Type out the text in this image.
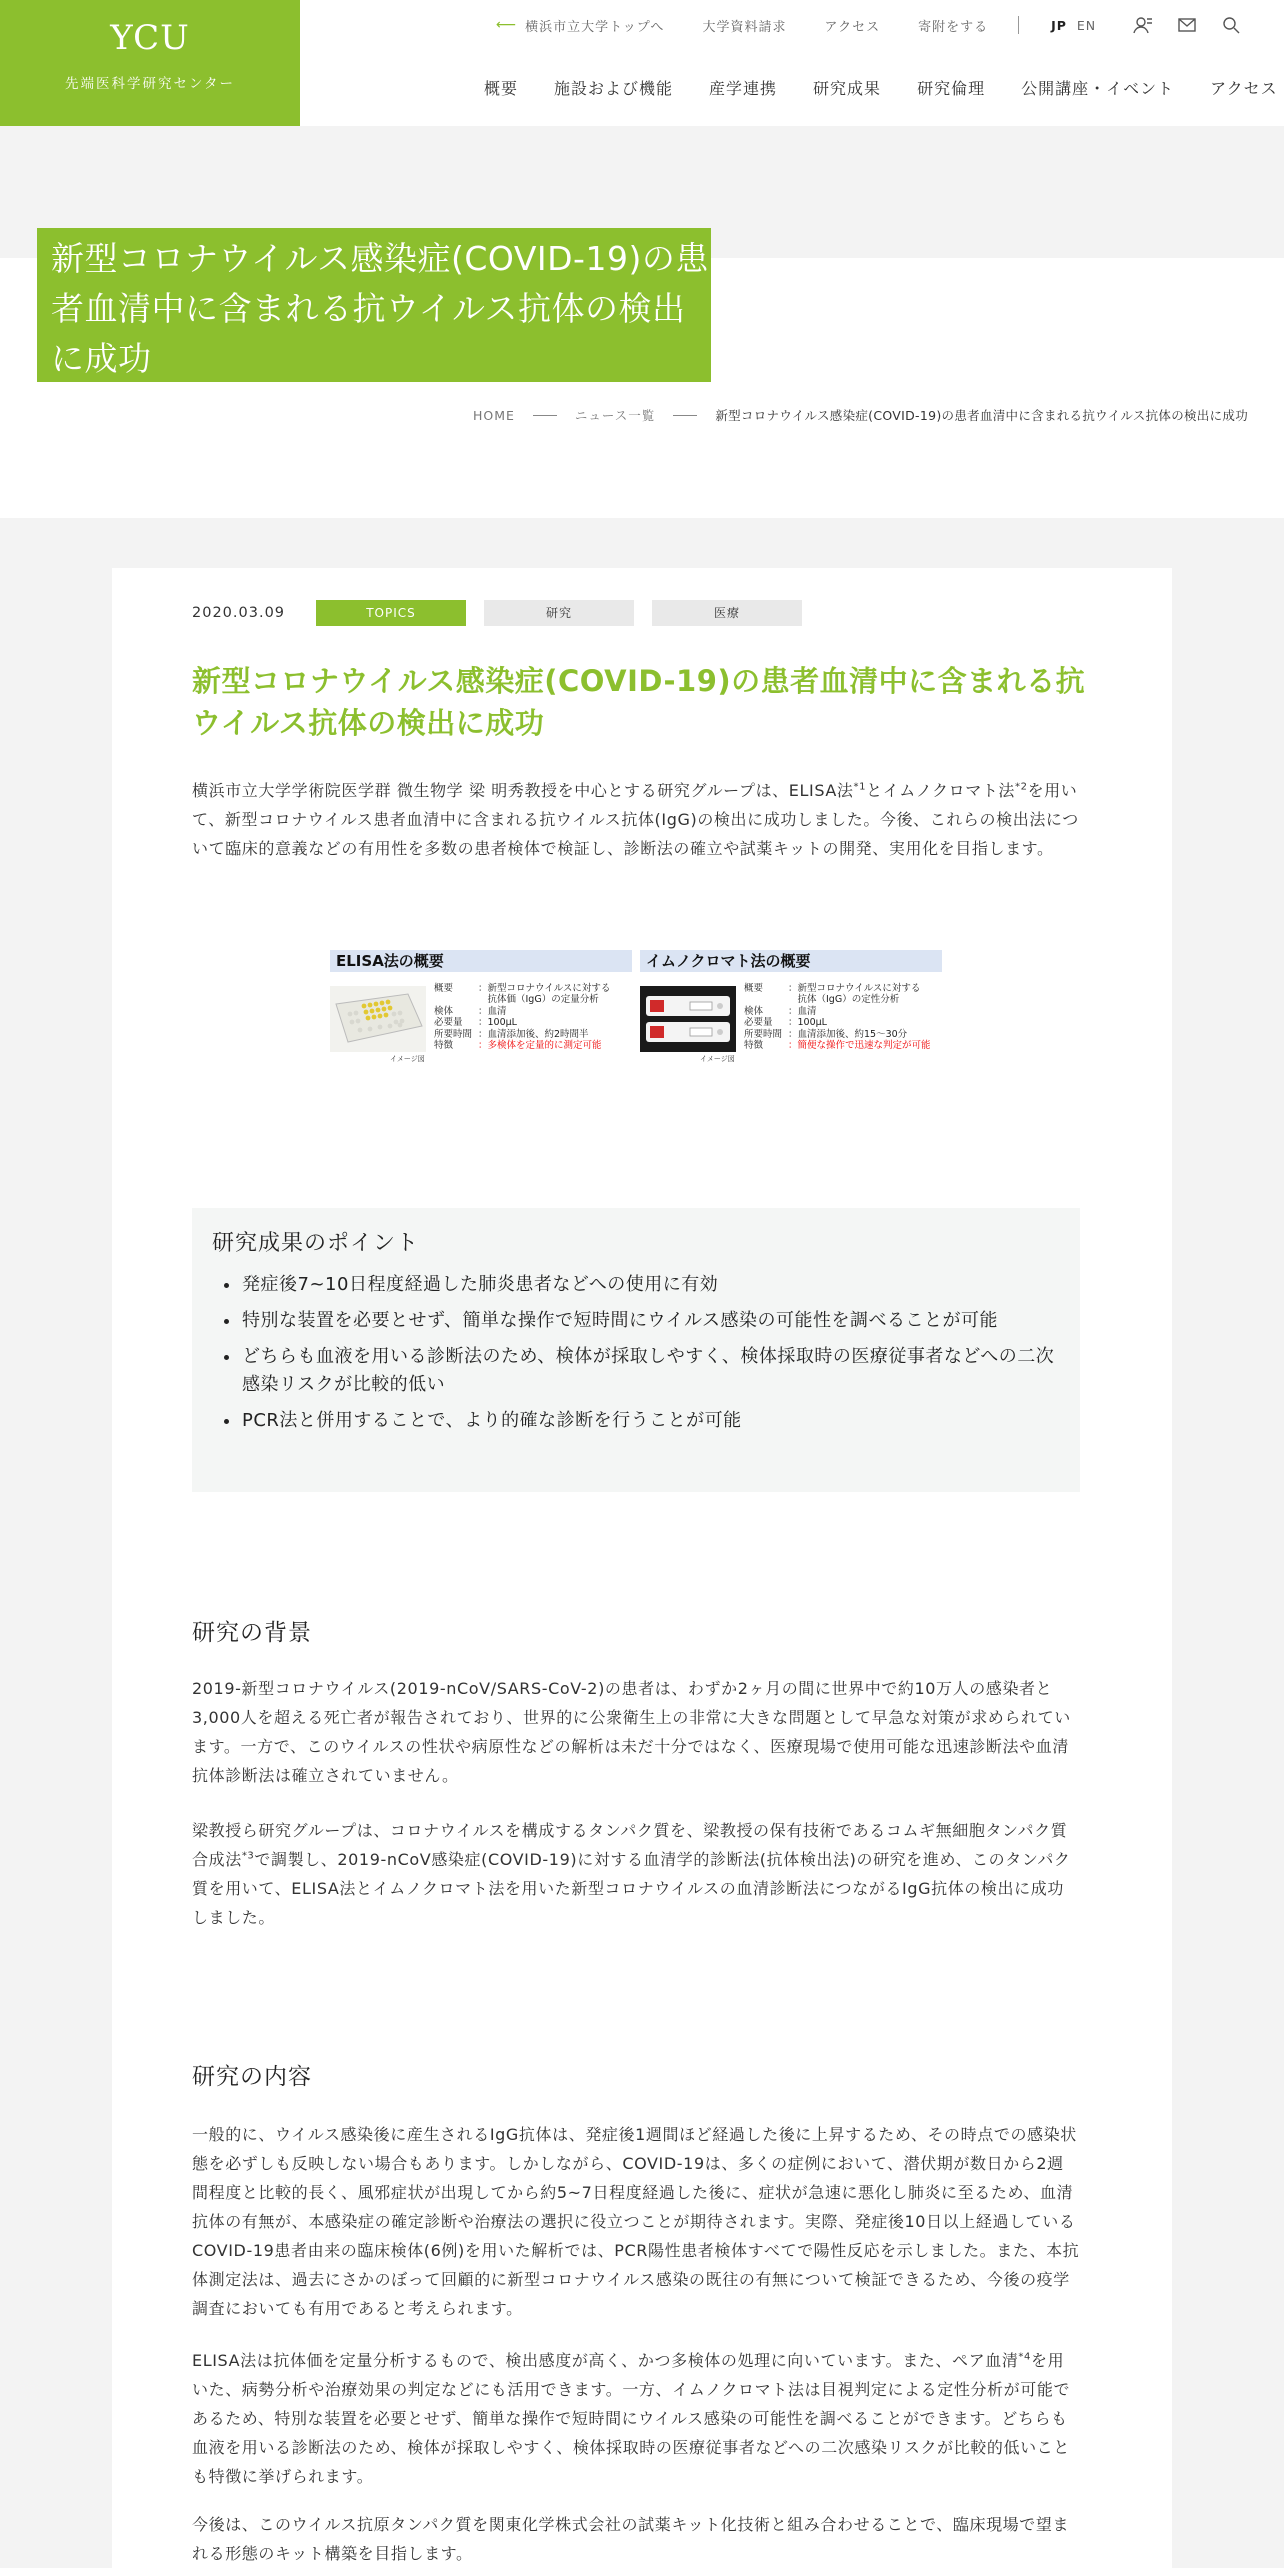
YCU
先端医科学研究センター
⟵ 横浜市立大学トップへ	大学資料請求	アクセス	寄附をする	JP EN
概要 施設および機能 産学連携 研究成果 研究倫理 公開講座・イベント アクセス
新型コロナウイルス感染症(COVID-19)の患者血清中に含まれる抗ウイルス抗体の検出に成功
HOME	ニュース一覧	新型コロナウイルス感染症(COVID-19)の患者血清中に含まれる抗ウイルス抗体の検出に成功
2020.03.09	TOPICS	研究	医療
新型コロナウイルス感染症(COVID-19)の患者血清中に含まれる抗ウイルス抗体の検出に成功

横浜市立大学学術院医学群 微生物学 梁 明秀教授を中心とする研究グループは、ELISA法$^{*1}$とイムノクロマト法$^{*2}$を用いて、新型コロナウイルス患者血清中に含まれる抗ウイルス抗体(IgG)の検出に成功しました。今後、これらの検出法について臨床的意義などの有用性を多数の患者検体で検証し、診断法の確立や試薬キットの開発、実用化を目指します。

ELISA法の概要
イメージ図
概要	：新型コロナウイルスに対する
　抗体価（IgG）の定量分析
検体	：血清
必要量	：100μL
所要時間 ：血清添加後、約2時間半
特徴	：多検体を定量的に測定可能
イムノクロマト法の概要
イメージ図
概要	：新型コロナウイルスに対する
　抗体（IgG）の定性分析
検体	：血清
必要量	：100μL
所要時間 ：血清添加後、約15～30分
特徴	：簡便な操作で迅速な判定が可能
研究成果のポイント
発症後7~10日程度経過した肺炎患者などへの使用に有効
特別な装置を必要とせず、簡単な操作で短時間にウイルス感染の可能性を調べることが可能
どちらも血液を用いる診断法のため、検体が採取しやすく、検体採取時の医療従事者などへの二次感染リスクが比較的低い
PCR法と併用することで、より的確な診断を行うことが可能
研究の背景

2019-新型コロナウイルス(2019-nCoV/SARS-CoV-2)の患者は、わずか2ヶ月の間に世界中で約10万人の感染者と3,000人を超える死亡者が報告されており、世界的に公衆衛生上の非常に大きな問題として早急な対策が求められています。一方で、このウイルスの性状や病原性などの解析は未だ十分ではなく、医療現場で使用可能な迅速診断法や血清抗体診断法は確立されていません。

梁教授ら研究グループは、コロナウイルスを構成するタンパク質を、梁教授の保有技術であるコムギ無細胞タンパク質合成法$^{*3}$で調製し、2019-nCoV感染症(COVID-19)に対する血清学的診断法(抗体検出法)の研究を進め、このタンパク質を用いて、ELISA法とイムノクロマト法を用いた新型コロナウイルスの血清診断法につながるIgG抗体の検出に成功しました。

研究の内容

一般的に、ウイルス感染後に産生されるIgG抗体は、発症後1週間ほど経過した後に上昇するため、その時点での感染状態を必ずしも反映しない場合もあります。しかしながら、COVID-19は、多くの症例において、潜伏期が数日から2週間程度と比較的長く、風邪症状が出現してから約5~7日程度経過した後に、症状が急速に悪化し肺炎に至るため、血清抗体の有無が、本感染症の確定診断や治療法の選択に役立つことが期待されます。実際、発症後10日以上経過しているCOVID-19患者由来の臨床検体(6例)を用いた解析では、PCR陽性患者検体すべてで陽性反応を示しました。また、本抗体測定法は、過去にさかのぼって回顧的に新型コロナウイルス感染の既往の有無について検証できるため、今後の疫学調査においても有用であると考えられます。

ELISA法は抗体価を定量分析するもので、検出感度が高く、かつ多検体の処理に向いています。また、ペア血清$^{*4}$を用いた、病勢分析や治療効果の判定などにも活用できます。一方、イムノクロマト法は目視判定による定性分析が可能であるため、特別な装置を必要とせず、簡単な操作で短時間にウイルス感染の可能性を調べることができます。どちらも血液を用いる診断法のため、検体が採取しやすく、検体採取時の医療従事者などへの二次感染リスクが比較的低いことも特徴に挙げられます。

今後は、このウイルス抗原タンパク質を関東化学株式会社の試薬キット化技術と組み合わせることで、臨床現場で望まれる形態のキット構築を目指します。
